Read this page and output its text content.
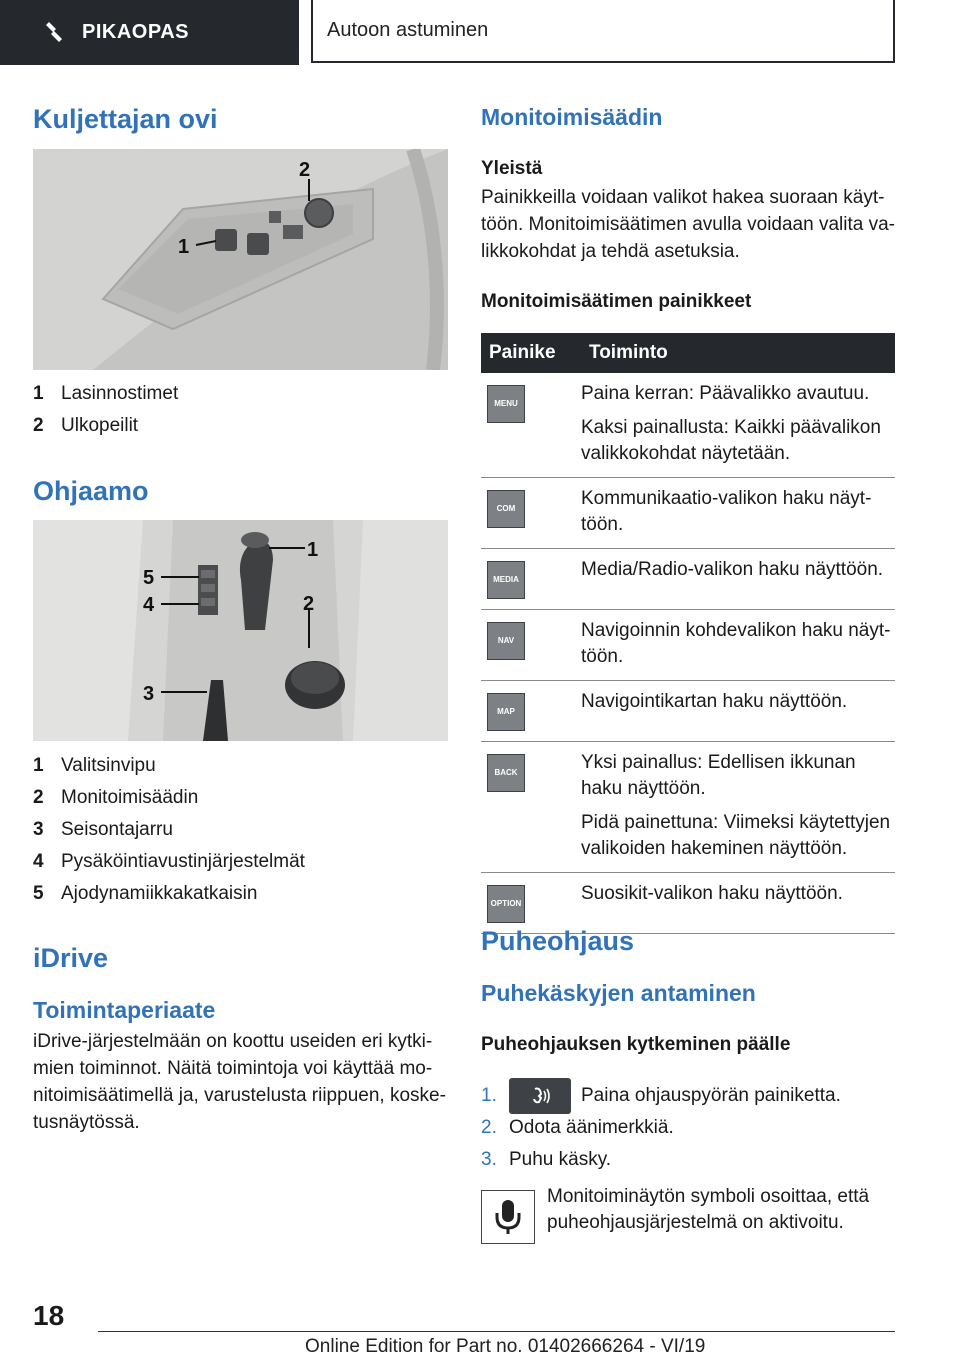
PIKAOPAS	Autoon astuminen
Kuljettajan ovi
1
2
1 Lasinnostimet
2 Ulkopeilit
Ohjaamo
1
2
3
4
5
1 Valitsinvipu
2 Monitoimisäädin
3 Seisontajarru
4 Pysäköintiavustinjärjestelmät
5 Ajodynamiikkakatkaisin
iDrive
Toimintaperiaate
iDrive-järjestelmään on koottu useiden eri kytki-
mien toiminnot. Näitä toimintoja voi käyttää mo-
nitoimisäätimellä ja, varustelusta riippuen, koske-
tusnäytössä.
Monitoimisäädin
Yleistä
Painikkeilla voidaan valikot hakea suoraan käyt-
töön. Monitoimisäätimen avulla voidaan valita va-
likkokohdat ja tehdä asetuksia.
Monitoimisäätimen painikkeet
Painike	Toiminto

MENU	Paina kerran: Päävalikko avautuu.

Kaksi painallusta: Kaikki päävalikon valikkokohdat näytetään.

COM	Kommunikaatio-valikon haku näyt-töön.

MEDIA	Media/Radio-valikon haku näyttöön.

NAV	Navigoinnin kohdevalikon haku näyt-töön.

MAP	Navigointikartan haku näyttöön.

BACK	Yksi painallus: Edellisen ikkunan haku näyttöön.

Pidä painettuna: Viimeksi käytettyjen valikoiden hakeminen näyttöön.

OPTION	Suosikit-valikon haku näyttöön.

Puheohjaus
Puhekäskyjen antaminen
Puheohjauksen kytkeminen päälle
1.	Paina ohjauspyörän painiketta.
2. Odota äänimerkkiä.
3. Puhu käsky.
Monitoiminäytön symboli osoittaa, että
puheohjausjärjestelmä on aktivoitu.
18
Online Edition for Part no. 01402666264 - VI/19
